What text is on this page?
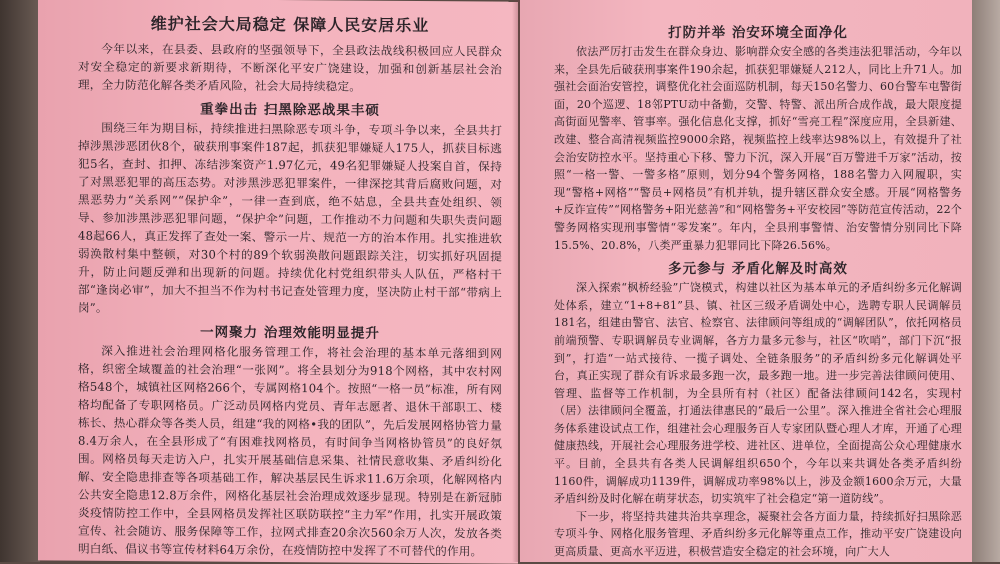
维护社会大局稳定 保障人民安居乐业

今年以来，在县委、县政府的坚强领导下，全县政法战线积极回应人民群众对安全稳定的新要求新期待，不断深化平安广饶建设，加强和创新基层社会治理，全力防范化解各类矛盾风险，社会大局持续稳定。

重拳出击 扫黑除恶战果丰硕

围绕三年为期目标，持续推进扫黑除恶专项斗争，专项斗争以来，全县共打掉涉黑涉恶团伙8个，破获刑事案件187起，抓获犯罪嫌疑人175人，抓获目标逃犯5名，查封、扣押、冻结涉案资产1.97亿元，49名犯罪嫌疑人投案自首，保持了对黑恶犯罪的高压态势。对涉黑涉恶犯罪案件，一律深挖其背后腐败问题，对黑恶势力“关系网”“保护伞”，一律一查到底，绝不姑息，全县共查处组织、领导、参加涉黑涉恶犯罪问题，“保护伞”问题，工作推动不力问题和失职失责问题48起66人，真正发挥了查处一案、警示一片、规范一方的治本作用。扎实推进软弱涣散村集中整顿，对30个村的89个软弱涣散问题跟踪关注，切实抓好巩固提升，防止问题反弹和出现新的问题。持续优化村党组织带头人队伍，严格村干部“逢岗必审”，加大不担当不作为村书记查处管理力度，坚决防止村干部“带病上岗”。

一网聚力 治理效能明显提升

深入推进社会治理网格化服务管理工作，将社会治理的基本单元落细到网格，织密全域覆盖的社会治理“一张网”。将全县划分为918个网格，其中农村网格548个，城镇社区网格266个，专属网格104个。按照“一格一员”标准，所有网格均配备了专职网格员。广泛动员网格内党员、青年志愿者、退休干部职工、楼栋长、热心群众等各类人员，组建“我的网格•我的团队”，先后发展网格协管力量8.4万余人，在全县形成了“有困难找网格员，有时间争当网格协管员”的良好氛围。网格员每天走访入户，扎实开展基础信息采集、社情民意收集、矛盾纠纷化解、安全隐患排查等各项基础工作，解决基层民生诉求11.6万余项，化解网格内公共安全隐患12.8万余件，网格化基层社会治理成效逐步显现。特别是在新冠肺炎疫情防控工作中，全县网格员发挥社区联防联控“主力军”作用，扎实开展政策宣传、社会随访、服务保障等工作，拉网式排查20余次560余万人次，发放各类明白纸、倡议书等宣传材料64万余份，在疫情防控中发挥了不可替代的作用。

打防并举 治安环境全面净化

依法严厉打击发生在群众身边、影响群众安全感的各类违法犯罪活动，今年以来，全县先后破获刑事案件190余起，抓获犯罪嫌疑人212人，同比上升71人。加强社会面治安管控，调整优化社会面巡防机制，每天150名警力、60台警车屯警街面，20个巡逻、18邻PTU动中备勤，交警、特警、派出所合成作战，最大限度提高街面见警率、管事率。强化信息化支撑，抓好“雪亮工程”深度应用，全县新建、改建、整合高清视频监控9000余路，视频监控上线率达98%以上，有效提升了社会治安防控水平。坚持重心下移、警力下沉，深入开展“百万警进千万家”活动，按照“一格一警、一警多格”原则，划分94个警务网格，188名警力入网履职，实现“警格+网格”“警员+网格员”有机并轨，提升辖区群众安全感。开展“网格警务+反诈宣传”“网格警务+阳光慈善”和“网格警务+平安校园”等防范宣传活动，22个警务网格实现刑事警情“零发案”。年内，全县刑事警情、治安警情分别同比下降15.5%、20.8%，八类严重暴力犯罪同比下降26.56%。

多元参与 矛盾化解及时高效

深入探索“枫桥经验”广饶模式，构建以社区为基本单元的矛盾纠纷多元化解调处体系，建立“1+8+81”县、镇、社区三级矛盾调处中心，选聘专职人民调解员181名，组建由警官、法官、检察官、法律顾问等组成的“调解团队”，依托网格员前端预警、专职调解员专业调解，各方力量多元参与，社区“吹哨”，部门下沉“报到”，打造“一站式接待、一揽子调处、全链条服务”的矛盾纠纷多元化解调处平台，真正实现了群众有诉求最多跑一次，最多跑一地。进一步完善法律顾问使用、管理、监督等工作机制，为全县所有村（社区）配备法律顾问142名，实现村（居）法律顾问全覆盖，打通法律惠民的“最后一公里”。深入推进全省社会心理服务体系建设试点工作，组建社会心理服务百人专家团队暨心理人才库，开通了心理健康热线，开展社会心理服务进学校、进社区、进单位，全面提高公众心理健康水平。目前，全县共有各类人民调解组织650个，今年以来共调处各类矛盾纠纷1160件，调解成功1139件，调解成功率98%以上，涉及金额1600余万元，大量矛盾纠纷及时化解在萌芽状态，切实筑牢了社会稳定“第一道防线”。

下一步，将坚持共建共治共享理念，凝聚社会各方面力量，持续抓好扫黑除恶专项斗争、网格化服务管理、矛盾纠纷多元化解等重点工作，推动平安广饶建设向更高质量、更高水平迈进，积极营造安全稳定的社会环境，向广大人
